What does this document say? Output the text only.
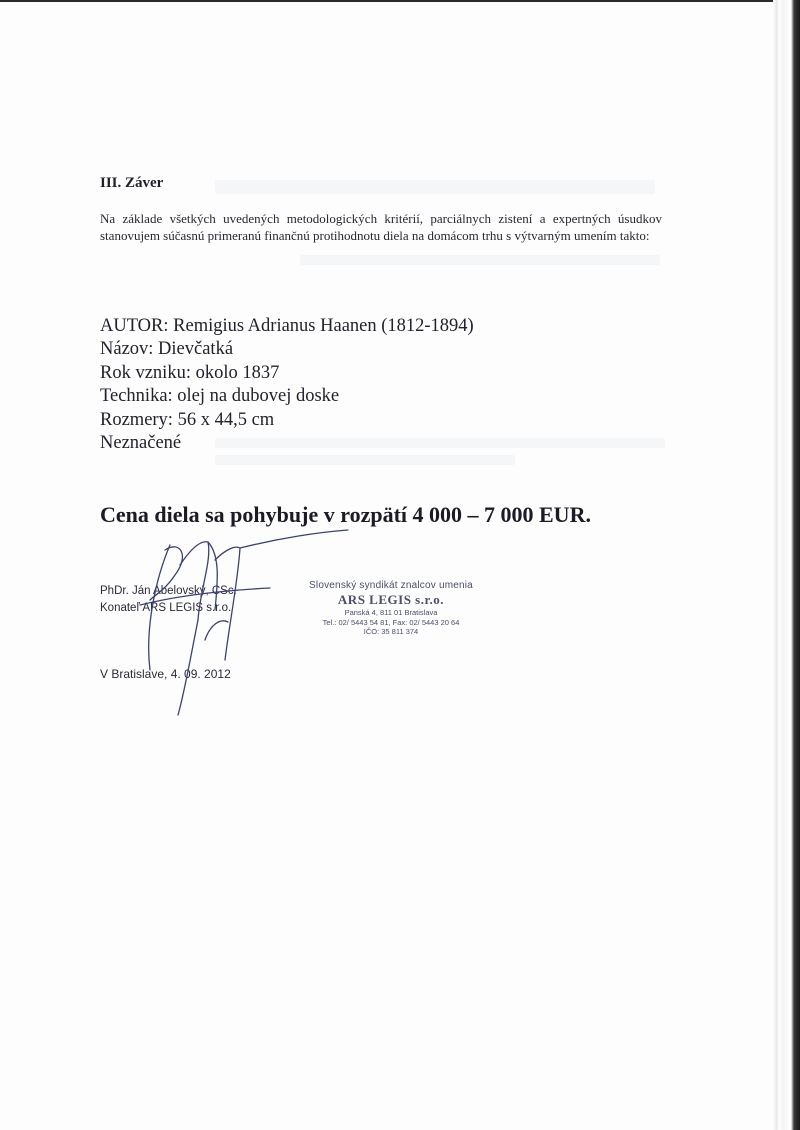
III. Záver

Na základe všetkých uvedených metodologických kritérií, parciálnych zistení a expertných úsudkov stanovujem súčasnú primeranú finančnú protihodnotu diela na domácom trhu s výtvarným umením takto:

AUTOR: Remigius Adrianus Haanen (1812-1894)
Názov: Dievčatká
Rok vzniku: okolo 1837
Technika: olej na dubovej doske
Rozmery: 56 x 44,5 cm
Neznačené

Cena diela sa pohybuje v rozpätí 4 000 – 7 000 EUR.

PhDr. Ján Abelovský, CSc.
Konateľ ARS LEGIS s.r.o.
Slovenský syndikát znalcov umenia
ARS LEGIS s.r.o.
Panská 4, 811 01 Bratislava
Tel.: 02/ 5443 54 81, Fax: 02/ 5443 20 64
IČO: 35 811 374
V Bratislave, 4. 09. 2012
